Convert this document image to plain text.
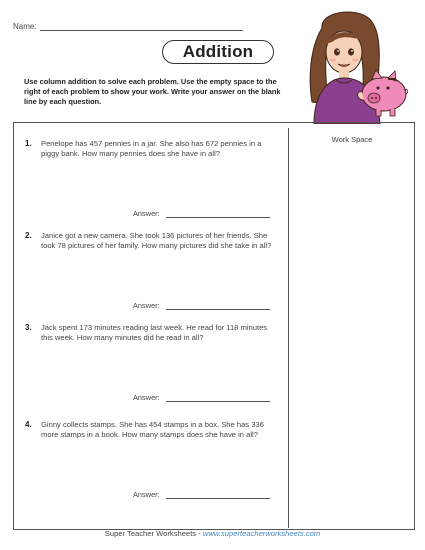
Name:
Addition
Use column addition to solve each problem. Use the empty space to the right of each problem to show your work. Write your answer on the blank line by each question.
Work Space
1. Penelope has 457 pennies in a jar. She also has 672 pennies in a piggy bank. How many pennies does she have in all?
Answer:
2. Janice got a new camera. She took 136 pictures of her friends. She took 78 pictures of her family. How many pictures did she take in all?
Answer:
3. Jack spent 173 minutes reading last week. He read for 118 minutes this week. How many minutes did he read in all?
Answer:
4. Ginny collects stamps. She has 454 stamps in a box. She has 336 more stamps in a book. How many stamps does she have in all?
Answer:
Super Teacher Worksheets - www.superteacherworksheets.com
